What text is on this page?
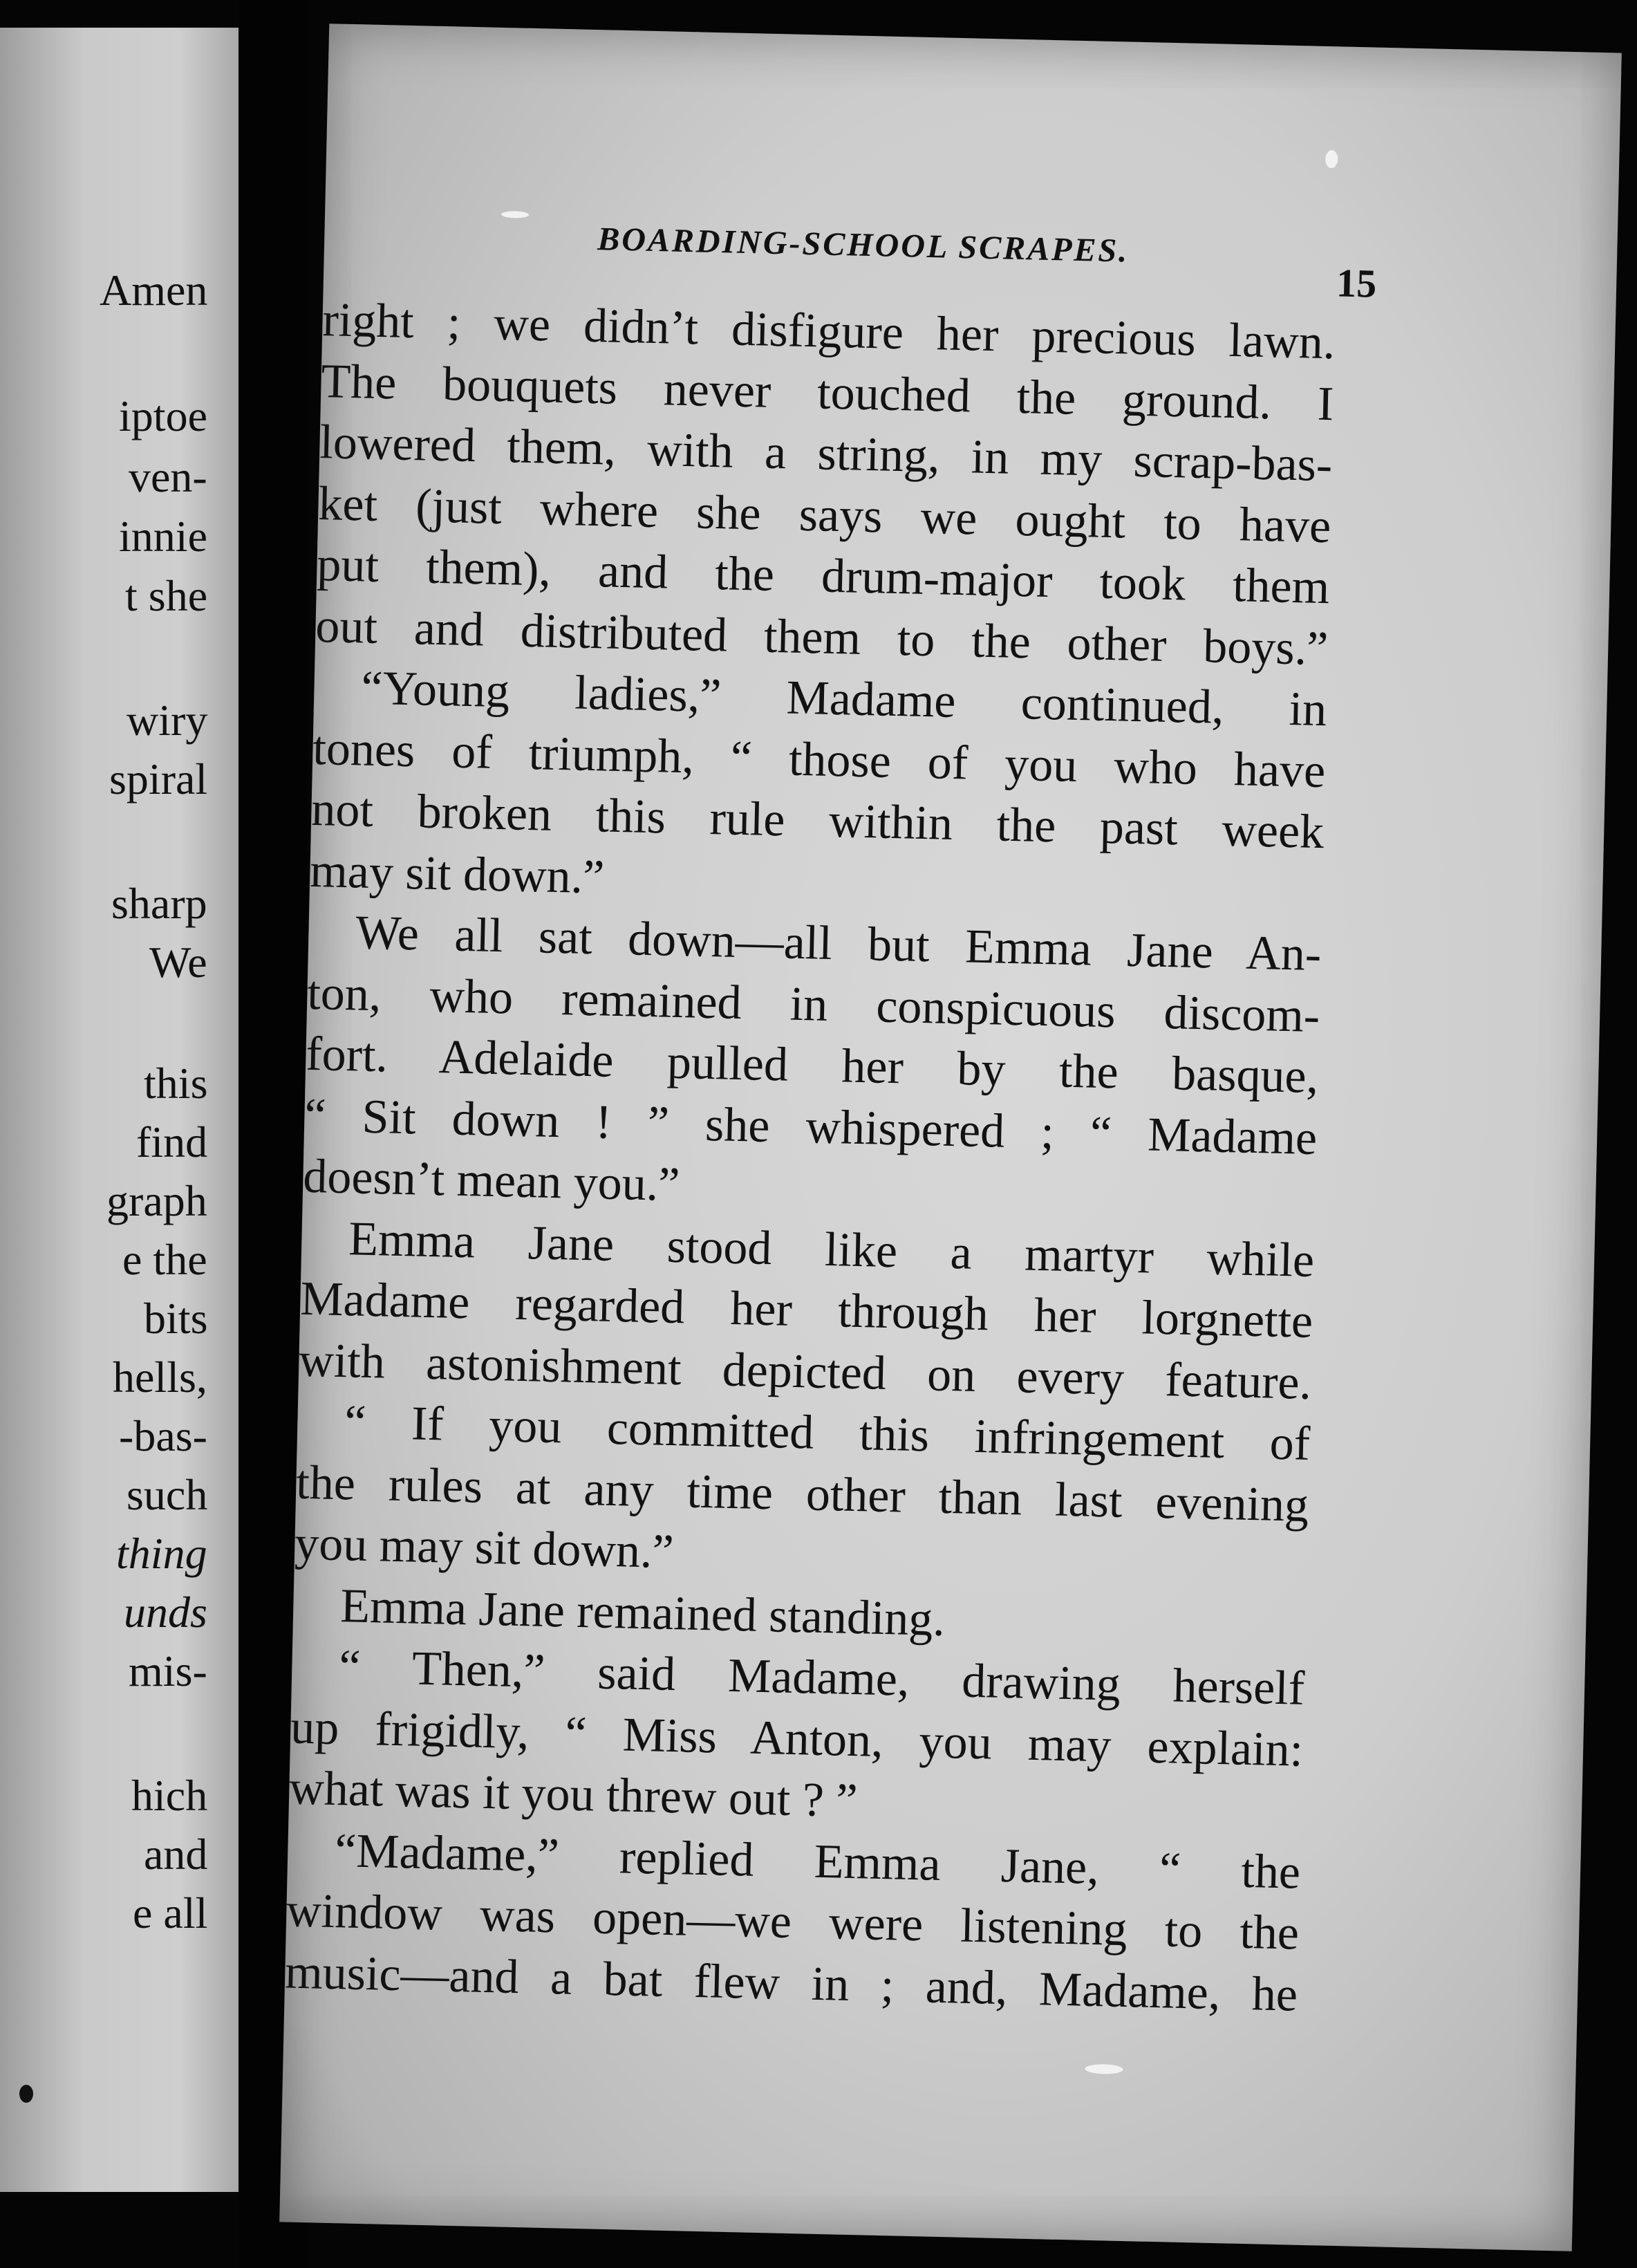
Amen
iptoe
ven-
innie
t she
wiry
spiral
sharp
We
this
find
graph
e the
bits
hells,
-bas-
such
thing
unds
mis-
hich
and
e all
BOARDING-SCHOOL SCRAPES.
15
right ; we didn’t disfigure her precious lawn.
The bouquets never touched the ground. I
lowered them, with a string, in my scrap-bas-
ket (just where she says we ought to have
put them), and the drum-major took them
out and distributed them to the other boys.”
“Young ladies,” Madame continued, in
tones of triumph, “ those of you who have
not broken this rule within the past week
may sit down.”
We all sat down—all but Emma Jane An-
ton, who remained in conspicuous discom-
fort. Adelaide pulled her by the basque,
“ Sit down ! ” she whispered ; “ Madame
doesn’t mean you.”
Emma Jane stood like a martyr while
Madame regarded her through her lorgnette
with astonishment depicted on every feature.
“ If you committed this infringement of
the rules at any time other than last evening
you may sit down.”
Emma Jane remained standing.
“ Then,” said Madame, drawing herself
up frigidly, “ Miss Anton, you may explain:
what was it you threw out ? ”
“Madame,” replied Emma Jane, “ the
window was open—we were listening to the
music—and a bat flew in ; and, Madame, he
